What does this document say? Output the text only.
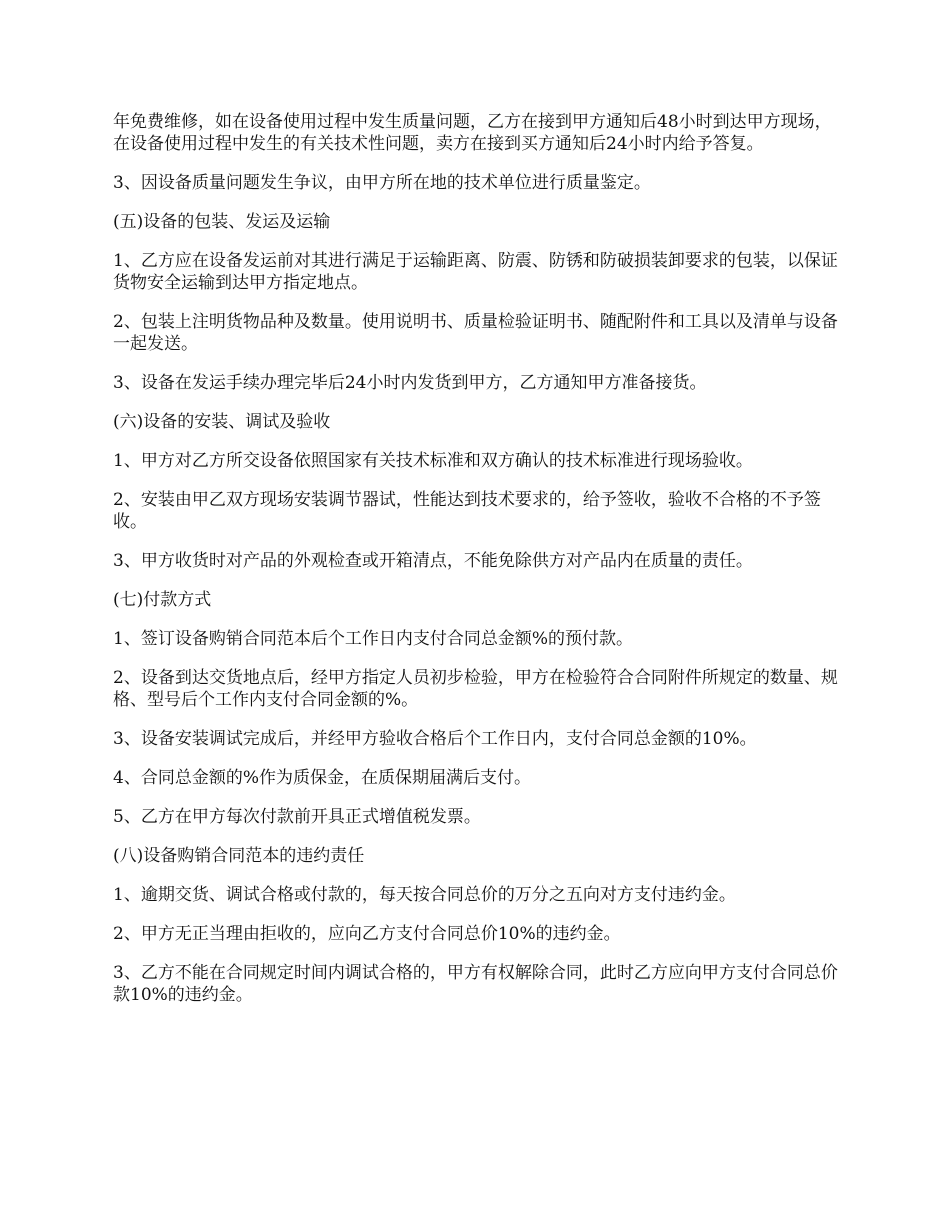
年免费维修，如在设备使用过程中发生质量问题，乙方在接到甲方通知后48小时到达甲方现场，在设备使用过程中发生的有关技术性问题，卖方在接到买方通知后24小时内给予答复。

3、因设备质量问题发生争议，由甲方所在地的技术单位进行质量鉴定。

(五)设备的包装、发运及运输

1、乙方应在设备发运前对其进行满足于运输距离、防震、防锈和防破损装卸要求的包装，以保证货物安全运输到达甲方指定地点。

2、包装上注明货物品种及数量。使用说明书、质量检验证明书、随配附件和工具以及清单与设备一起发送。

3、设备在发运手续办理完毕后24小时内发货到甲方，乙方通知甲方准备接货。

(六)设备的安装、调试及验收

1、甲方对乙方所交设备依照国家有关技术标准和双方确认的技术标准进行现场验收。

2、安装由甲乙双方现场安装调节器试，性能达到技术要求的，给予签收，验收不合格的不予签收。

3、甲方收货时对产品的外观检查或开箱清点，不能免除供方对产品内在质量的责任。

(七)付款方式

1、签订设备购销合同范本后个工作日内支付合同总金额%的预付款。

2、设备到达交货地点后，经甲方指定人员初步检验，甲方在检验符合合同附件所规定的数量、规格、型号后个工作内支付合同金额的%。

3、设备安装调试完成后，并经甲方验收合格后个工作日内，支付合同总金额的10%。

4、合同总金额的%作为质保金，在质保期届满后支付。

5、乙方在甲方每次付款前开具正式增值税发票。

(八)设备购销合同范本的违约责任

1、逾期交货、调试合格或付款的，每天按合同总价的万分之五向对方支付违约金。

2、甲方无正当理由拒收的，应向乙方支付合同总价10%的违约金。

3、乙方不能在合同规定时间内调试合格的，甲方有权解除合同，此时乙方应向甲方支付合同总价款10%的违约金。
